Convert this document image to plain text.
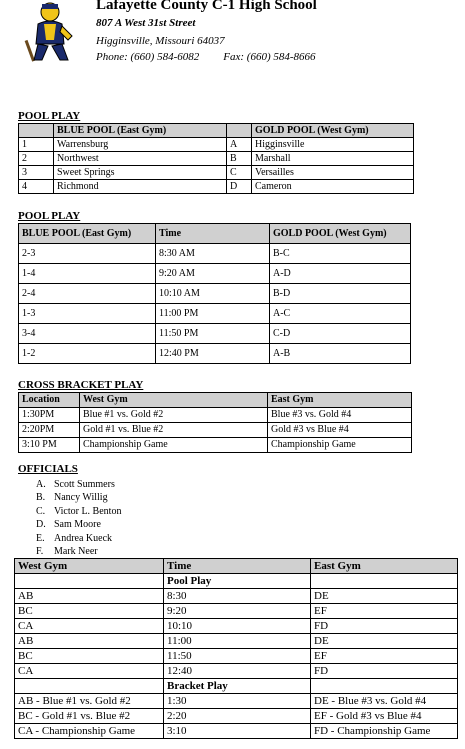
Lafayette County C-1 High School
807 A West 31st Street
Higginsville, Missouri 64037
Phone: (660) 584-6082 Fax: (660) 584-8666
POOL PLAY
	BLUE POOL (East Gym)		GOLD POOL (West Gym)
1	Warrensburg	A	Higginsville
2	Northwest	B	Marshall
3	Sweet Springs	C	Versailles
4	Richmond	D	Cameron
POOL PLAY
BLUE POOL (East Gym)	Time	GOLD POOL (West Gym)
2-3	8:30 AM	B-C
1-4	9:20 AM	A-D
2-4	10:10 AM	B-D
1-3	11:00 PM	A-C
3-4	11:50 PM	C-D
1-2	12:40 PM	A-B
CROSS BRACKET PLAY
Location	West Gym	East Gym
1:30PM	Blue #1 vs. Gold #2	Blue #3 vs. Gold #4
2:20PM	Gold #1 vs. Blue #2	Gold #3 vs Blue #4
3:10 PM	Championship Game	Championship Game
OFFICIALS
A. Scott Summers
B. Nancy Willig
C. Victor L. Benton
D. Sam Moore
E. Andrea Kueck
F. Mark Neer
West Gym	Time	East Gym
	Pool Play	
AB	8:30	DE
BC	9:20	EF
CA	10:10	FD
AB	11:00	DE
BC	11:50	EF
CA	12:40	FD
	Bracket Play	
AB - Blue #1 vs. Gold #2	1:30	DE - Blue #3 vs. Gold #4
BC - Gold #1 vs. Blue #2	2:20	EF - Gold #3 vs Blue #4
CA - Championship Game	3:10	FD - Championship Game
